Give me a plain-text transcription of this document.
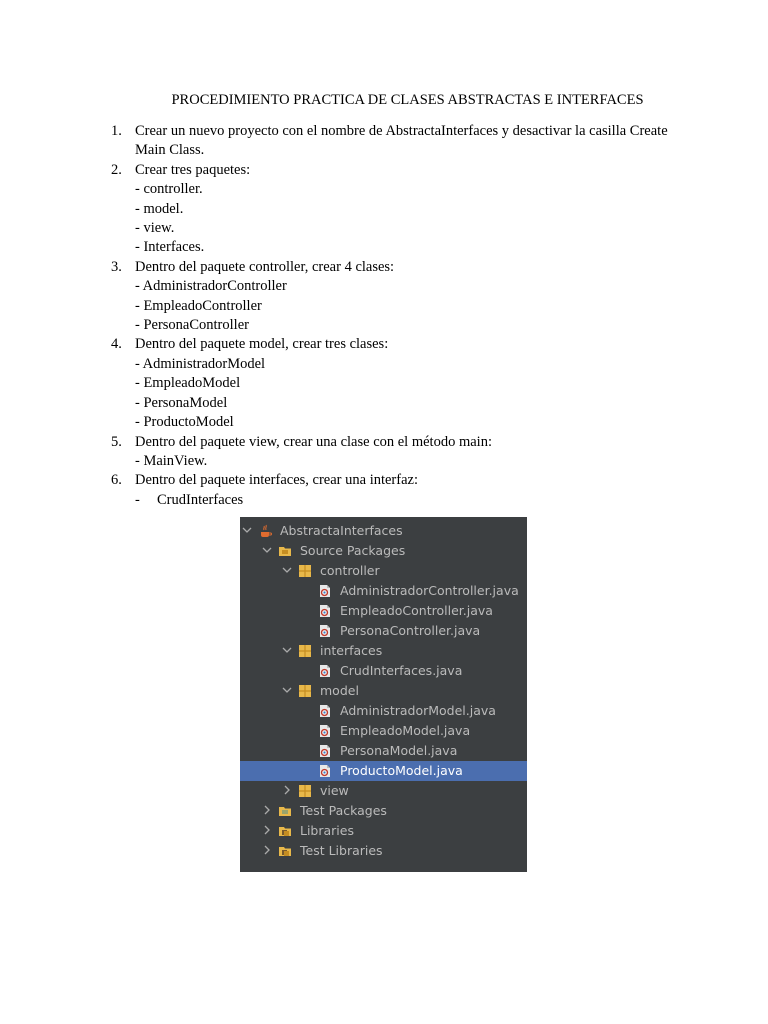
PROCEDIMIENTO PRACTICA DE CLASES ABSTRACTAS E INTERFACES
1. Crear un nuevo proyecto con el nombre de AbstractaInterfaces y desactivar la casilla Create Main Class.
2. Crear tres paquetes:
- controller.
- model.
- view.
- Interfaces.
3. Dentro del paquete controller, crear 4 clases:
- AdministradorController
- EmpleadoController
- PersonaController
4. Dentro del paquete model, crear tres clases:
- AdministradorModel
- EmpleadoModel
- PersonaModel
- ProductoModel
5. Dentro del paquete view, crear una clase con el método main:
- MainView.
6. Dentro del paquete interfaces, crear una interfaz:
- CrudInterfaces
AbstractaInterfaces
Source Packages
controller
AdministradorController.java
EmpleadoController.java
PersonaController.java
interfaces
CrudInterfaces.java
model
AdministradorModel.java
EmpleadoModel.java
PersonaModel.java
ProductoModel.java
view
Test Packages
Libraries
Test Libraries
